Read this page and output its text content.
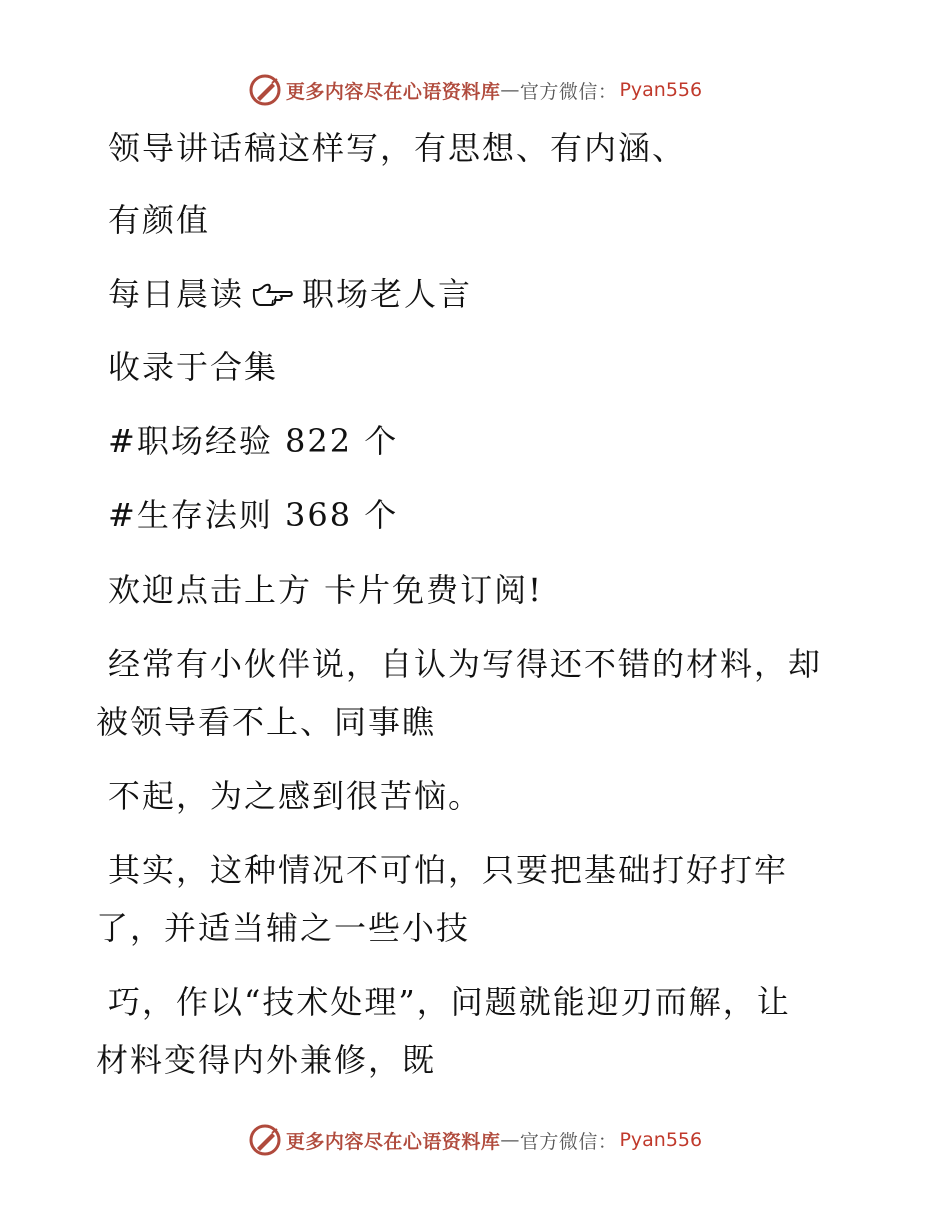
更多内容尽在心语资料库 — 官方微信： Pyan556
领导讲话稿这样写，有思想、有内涵、
有颜值
每日晨读 职场老人言
收录于合集
#职场经验 822 个
#生存法则 368 个
欢迎点击上方 卡片免费订阅!
经常有小伙伴说，自认为写得还不错的材料，却
被领导看不上、同事瞧
不起，为之感到很苦恼。
其实，这种情况不可怕，只要把基础打好打牢
了，并适当辅之一些小技
巧，作以“技术处理”，问题就能迎刃而解，让
材料变得内外兼修，既
更多内容尽在心语资料库 — 官方微信： Pyan556
